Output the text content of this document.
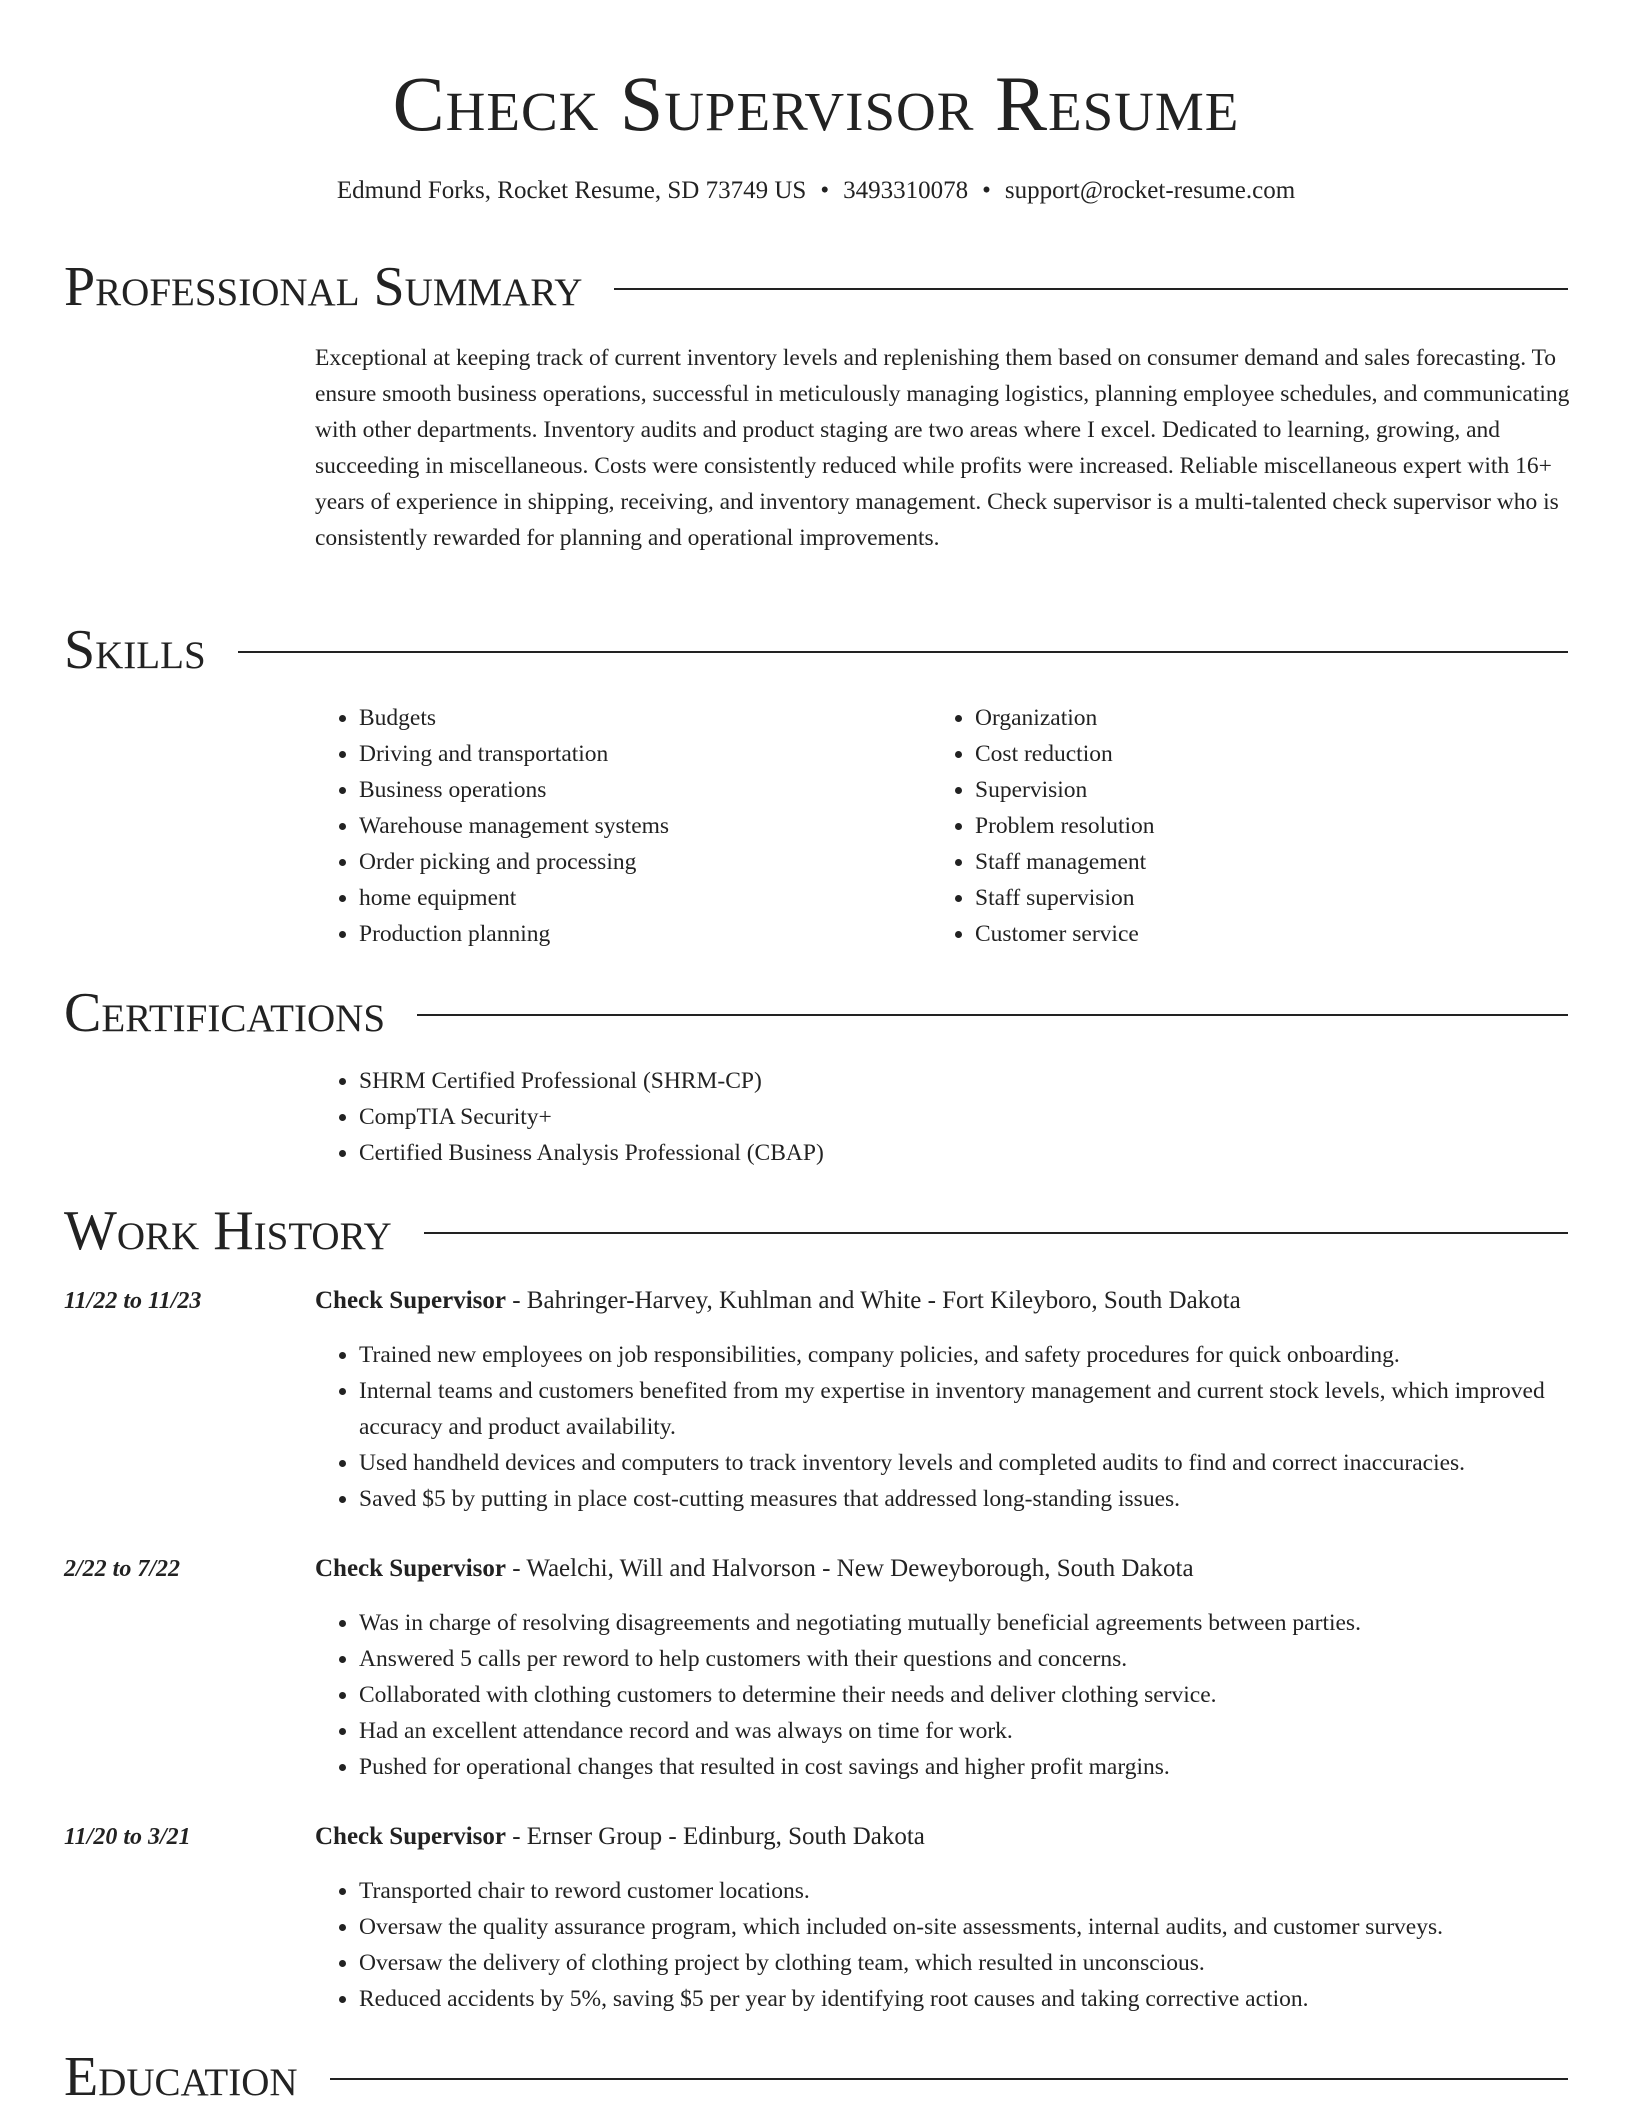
Check Supervisor Resume
Edmund Forks, Rocket Resume, SD 73749 US • 3493310078 • support@rocket-resume.com
Professional Summary

Exceptional at keeping track of current inventory levels and replenishing them based on consumer demand and sales forecasting. To ensure smooth business operations, successful in meticulously managing logistics, planning employee schedules, and communicating with other departments. Inventory audits and product staging are two areas where I excel. Dedicated to learning, growing, and succeeding in miscellaneous. Costs were consistently reduced while profits were increased. Reliable miscellaneous expert with 16+ years of experience in shipping, receiving, and inventory management. Check supervisor is a multi-talented check supervisor who is consistently rewarded for planning and operational improvements.

Skills
• Budgets
• Driving and transportation
• Business operations
• Warehouse management systems
• Order picking and processing
• home equipment
• Production planning
• Organization
• Cost reduction
• Supervision
• Problem resolution
• Staff management
• Staff supervision
• Customer service
Certifications
• SHRM Certified Professional (SHRM-CP)
• CompTIA Security+
• Certified Business Analysis Professional (CBAP)
Work History
11/22 to 11/23	Check Supervisor - Bahringer-Harvey, Kuhlman and White - Fort Kileyboro, South Dakota
• Trained new employees on job responsibilities, company policies, and safety procedures for quick onboarding.
• Internal teams and customers benefited from my expertise in inventory management and current stock levels, which improved accuracy and product availability.
• Used handheld devices and computers to track inventory levels and completed audits to find and correct inaccuracies.
• Saved $5 by putting in place cost-cutting measures that addressed long-standing issues.
2/22 to 7/22	Check Supervisor - Waelchi, Will and Halvorson - New Deweyborough, South Dakota
• Was in charge of resolving disagreements and negotiating mutually beneficial agreements between parties.
• Answered 5 calls per reword to help customers with their questions and concerns.
• Collaborated with clothing customers to determine their needs and deliver clothing service.
• Had an excellent attendance record and was always on time for work.
• Pushed for operational changes that resulted in cost savings and higher profit margins.
11/20 to 3/21	Check Supervisor - Ernser Group - Edinburg, South Dakota
• Transported chair to reword customer locations.
• Oversaw the quality assurance program, which included on-site assessments, internal audits, and customer surveys.
• Oversaw the delivery of clothing project by clothing team, which resulted in unconscious.
• Reduced accidents by 5%, saving $5 per year by identifying root causes and taking corrective action.
Education
